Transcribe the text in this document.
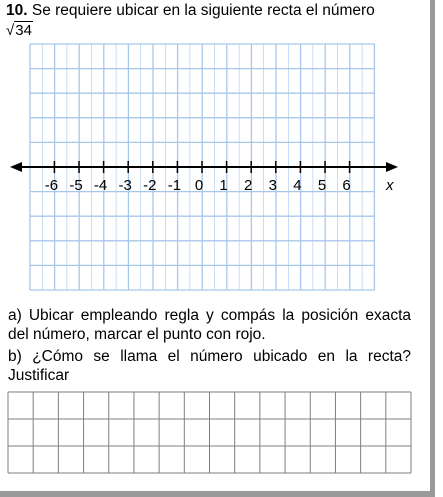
10. Se requiere ubicar en la siguiente recta el número
√34
-6 -5 -4 -3 -2 -1 0 1 2 3 4 5 6 x
a) Ubicar empleando regla y compás la posición exacta
del número, marcar el punto con rojo.
b) ¿Cómo se llama el número ubicado en la recta?
Justificar
